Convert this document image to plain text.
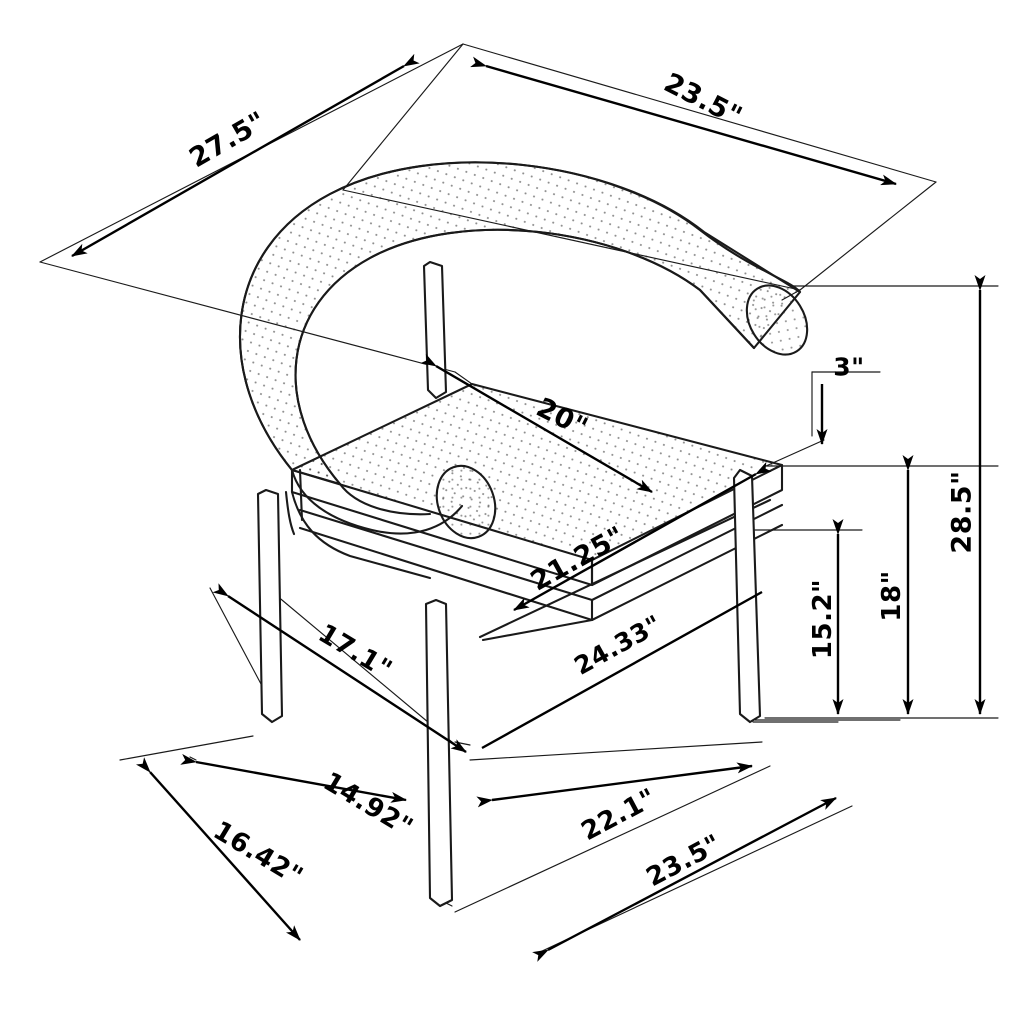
27.5"
23.5"
20"
21.25"
24.33"
3"
28.5"
18"
15.2"
17.1"
14.92"
16.42"
22.1"
23.5"
